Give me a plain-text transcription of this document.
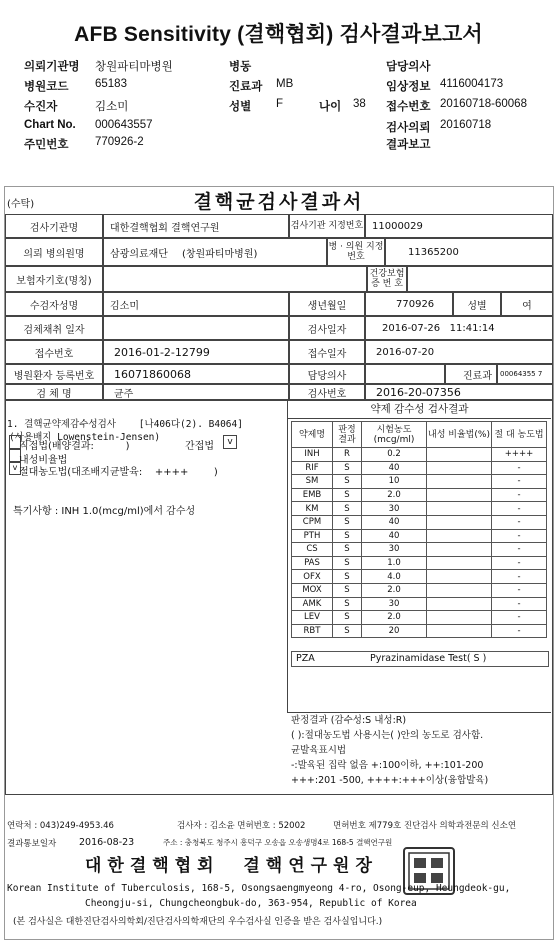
AFB Sensitivity (결핵협회) 검사결과보고서
의뢰기관명 창원파티마병원	병동	담당의사
병원코드 65183	진료과 MB	임상정보 4116004173
수진자	김소미	성별 F	나이 38 접수번호 20160718-60068
Chart No. 000643557	검사의뢰 20160718
주민번호 770926-2	결과보고
(수탁)	결핵균검사결과서
검사기관명	대한결핵협회 결핵연구원	검사기관 지정번호 11000029
의뢰 병의원명	삼광의료재단 (창원파티마병원)
병 · 의원 지정번호	11365200
보험자기호(명칭)
건강보험 증 번 호
수검자성명	김소미	생년월일	770926	성별	여
검체채취 일자	검사일자	2016-07-26   11:41:14
접수번호	2016-01-2-12799	접수일자	2016-07-20
병원환자 등록번호	16071860068	담당의사	진료과	00064355 7
검 체 명	균주	검사번호	2016-20-07356
1. 결핵균약제감수성검사    [나406다(2). B4064]
(사용배지 Lowenstein-Jensen)
직접법(배양결과:          )	간접법	v
내성비율법
v 절대농도법(대조배지균발육:    ++++        )
특기사항 : INH 1.0(mcg/ml)에서 감수성
약제 감수성 검사결과
약제명	판정 결과	시험농도 (mcg/ml)	내성 비율법(%)	절 대 농도법
INH	R	0.2		++++
RIF	S	40		-
SM	S	10		-
EMB	S	2.0		-
KM	S	30		-
CPM	S	40		-
PTH	S	40		-
CS	S	30		-
PAS	S	1.0		-
OFX	S	4.0		-
MOX	S	2.0		-
AMK	S	30		-
LEV	S	2.0		-
RBT	S	20		-
PZA	Pyrazinamidase Test( S )
판정결과 (감수성:S 내성:R)
( ):절대농도법 사용시는( )안의 농도로 검사함.
균발육표시법
-:발육된 집락 없음 +:100이하, ++:101-200
+++:201 -500, ++++:+++이상(융합발육)
연락처 : 043)249-4953.46	검사자 : 김소윤 면허번호 : 52002	면허번호 제779호 진단검사 의학과전문의 신소연
결과통보일자 2016-08-23	주소 : 충청북도 청주시 흥덕구 오송읍 오송생명4로 168-5 결핵연구원
대한결핵협회  결핵연구원장
Korean Institute of Tuberculosis, 168-5, Osongsaengmyeong 4-ro, Osong-eup, Heungdeok-gu,
Cheongju-si, Chungcheongbuk-do, 363-954, Republic of Korea
(본 검사실은 대한진단검사의학회/진단검사의학재단의 우수검사실 인증을 받은 검사실입니다.)
